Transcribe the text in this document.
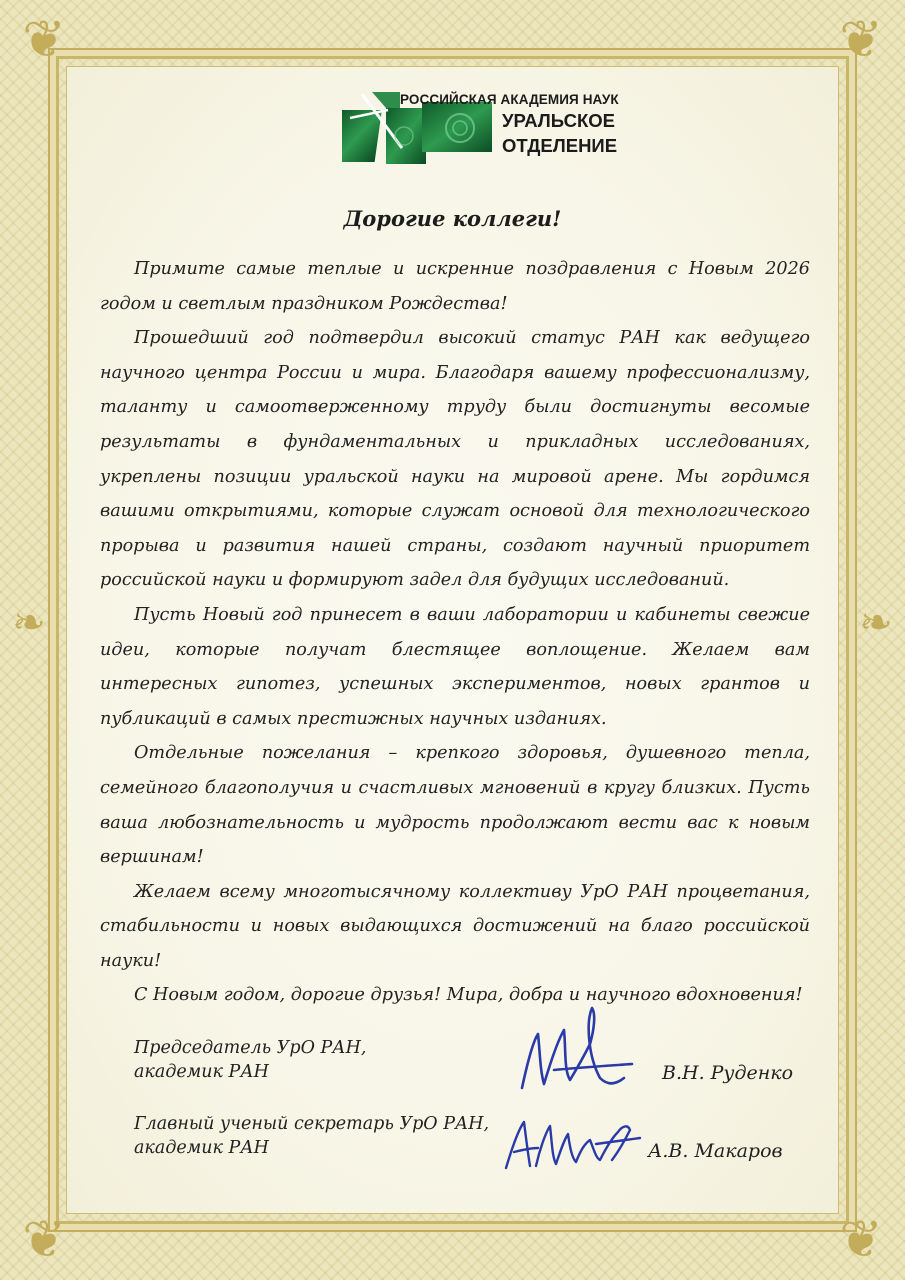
❦	❦
❦	❦
❧	❧
РОССИЙСКАЯ АКАДЕМИЯ НАУК
УРАЛЬСКОЕ
ОТДЕЛЕНИЕ
Дорогие коллеги!

Примите самые теплые и искренние поздравления с Новым 2026 годом и светлым праздником Рождества!

Прошедший год подтвердил высокий статус РАН как ведущего научного центра России и мира. Благодаря вашему профессионализму, таланту и самоотверженному труду были достигнуты весомые результаты в фундаментальных и прикладных исследованиях, укреплены позиции уральской науки на мировой арене. Мы гордимся вашими открытиями, которые служат основой для технологического прорыва и развития нашей страны, создают научный приоритет российской науки и формируют задел для будущих исследований.

Пусть Новый год принесет в ваши лаборатории и кабинеты свежие идеи, которые получат блестящее воплощение. Желаем вам интересных гипотез, успешных экспериментов, новых грантов и публикаций в самых престижных научных изданиях.

Отдельные пожелания – крепкого здоровья, душевного тепла, семейного благополучия и счастливых мгновений в кругу близких. Пусть ваша любознательность и мудрость продолжают вести вас к новым вершинам!

Желаем всему многотысячному коллективу УрО РАН процветания, стабильности и новых выдающихся достижений на благо российской науки!

С Новым годом, дорогие друзья! Мира, добра и научного вдохновения!

Председатель УрО РАН,
академик РАН	В.Н. Руденко
Главный ученый секретарь УрО РАН,
академик РАН	А.В. Макаров
